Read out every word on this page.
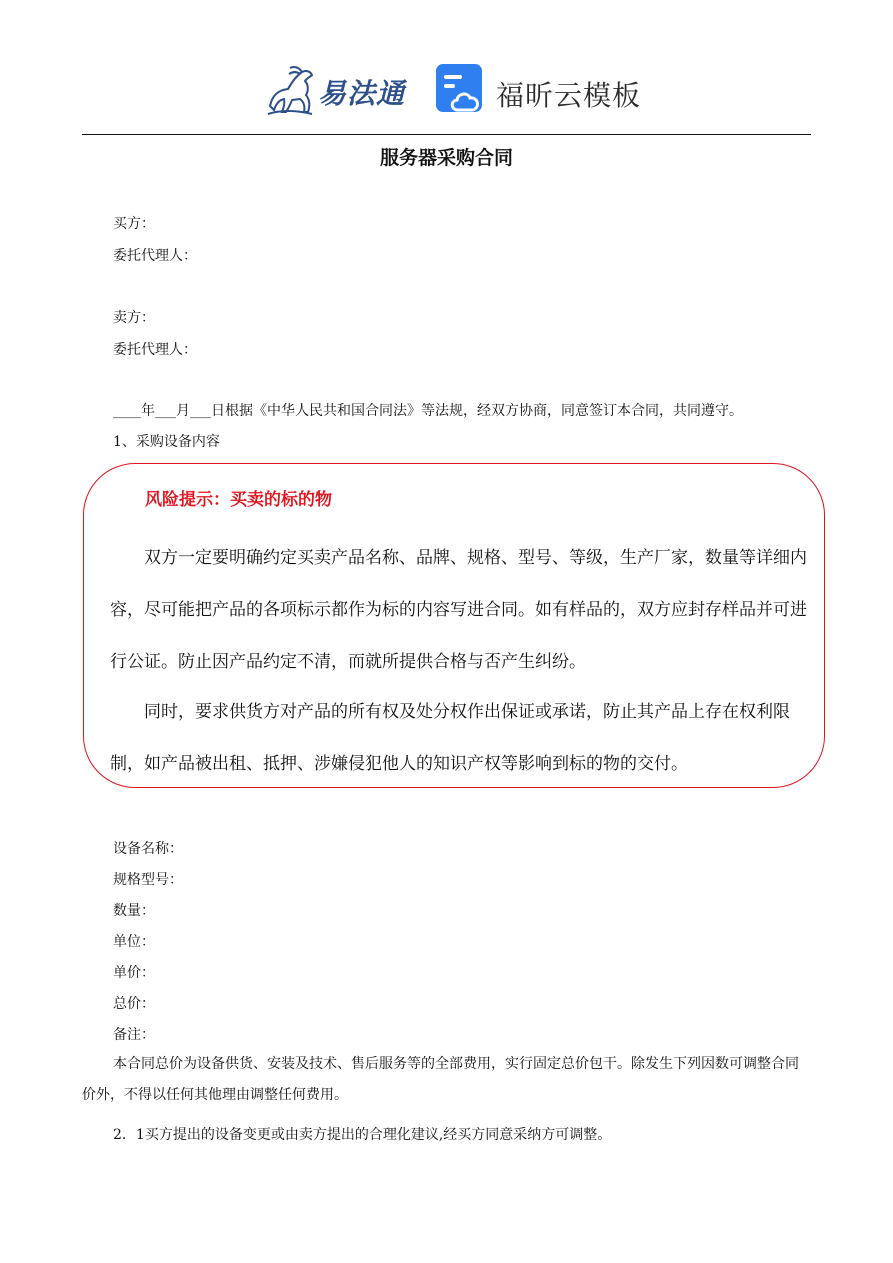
易法通	福昕云模板
服务器采购合同
买方：
委托代理人：
卖方：
委托代理人：
____年___月___日根据《中华人民共和国合同法》等法规，经双方协商，同意签订本合同，共同遵守。
1、采购设备内容
风险提示：买卖的标的物
双方一定要明确约定买卖产品名称、品牌、规格、型号、等级，生产厂家，数量等详细内容，尽可能把产品的各项标示都作为标的内容写进合同。如有样品的，双方应封存样品并可进行公证。防止因产品约定不清，而就所提供合格与否产生纠纷。
同时，要求供货方对产品的所有权及处分权作出保证或承诺，防止其产品上存在权利限制，如产品被出租、抵押、涉嫌侵犯他人的知识产权等影响到标的物的交付。
设备名称：
规格型号：
数量：
单位：
单价：
总价：
备注：
本合同总价为设备供货、安装及技术、售后服务等的全部费用，实行固定总价包干。除发生下列因数可调整合同价外，不得以任何其他理由调整任何费用。
2．1买方提出的设备变更或由卖方提出的合理化建议,经买方同意采纳方可调整。
